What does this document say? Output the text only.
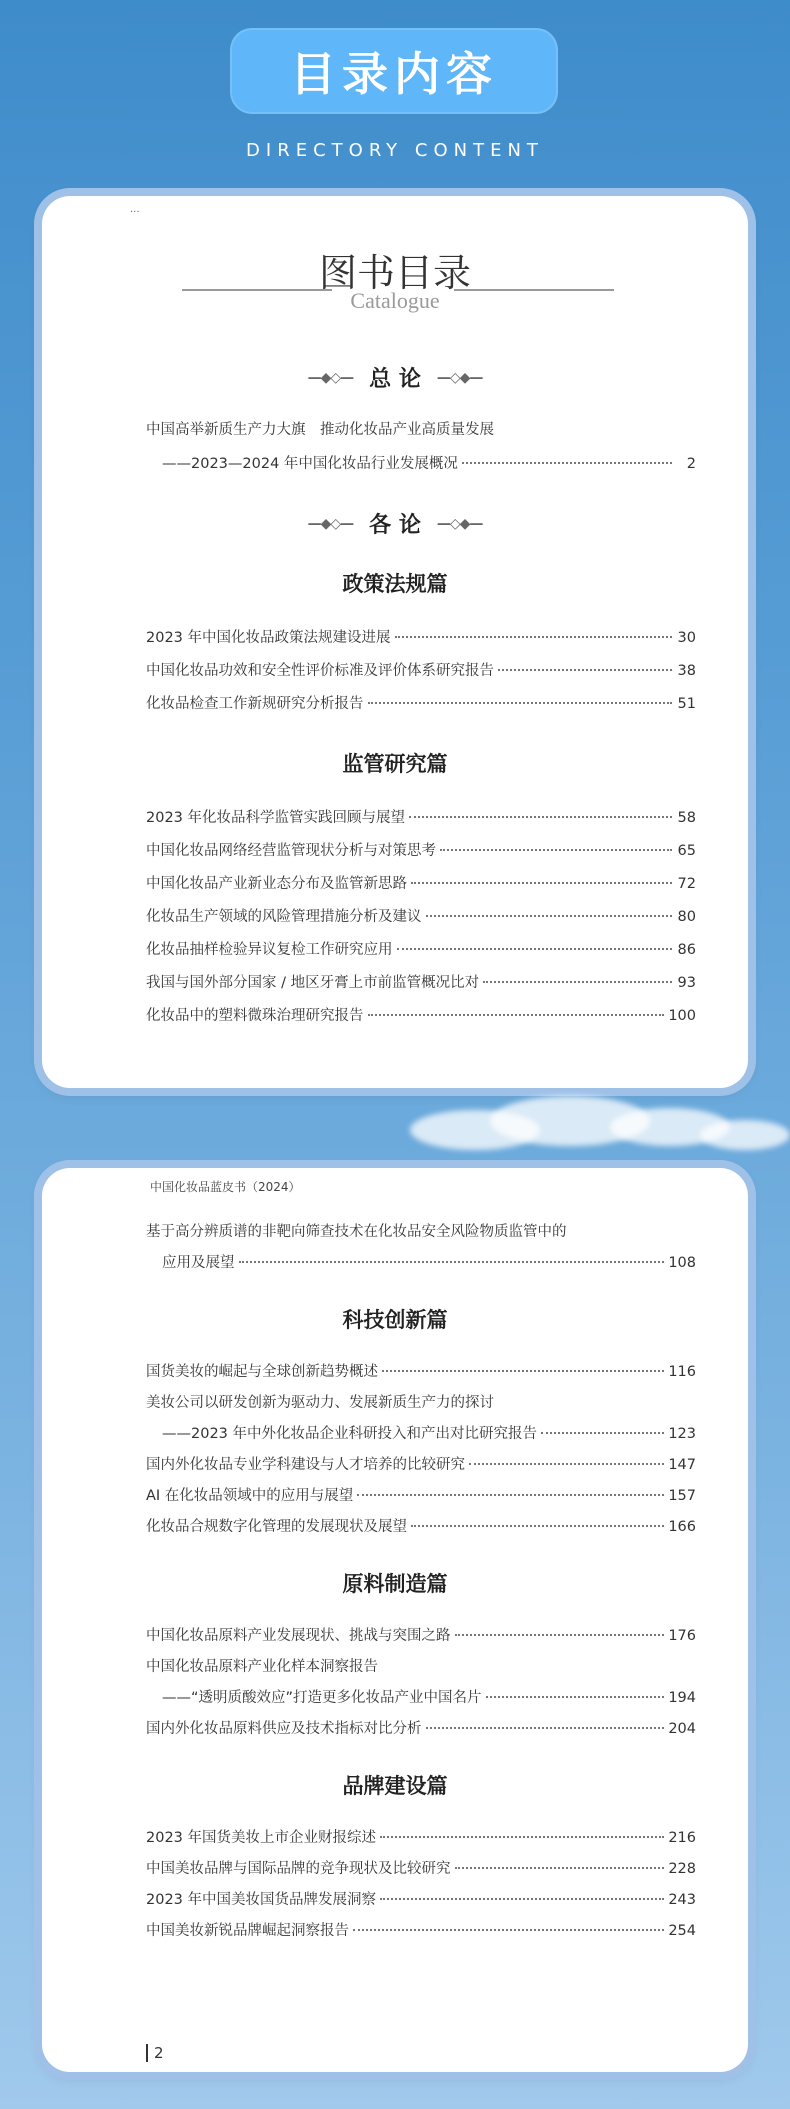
目录内容
DIRECTORY CONTENT
...
图书目录
Catalogue
—◆◇— 总 论 —◇◆—
中国高举新质生产力大旗　推动化妆品产业高质量发展
——2023—2024 年中国化妆品行业发展概况	2
—◆◇— 各 论 —◇◆—
政策法规篇
2023 年中国化妆品政策法规建设进展	30
中国化妆品功效和安全性评价标准及评价体系研究报告	38
化妆品检查工作新规研究分析报告	51
监管研究篇
2023 年化妆品科学监管实践回顾与展望	58
中国化妆品网络经营监管现状分析与对策思考	65
中国化妆品产业新业态分布及监管新思路	72
化妆品生产领域的风险管理措施分析及建议	80
化妆品抽样检验异议复检工作研究应用	86
我国与国外部分国家 / 地区牙膏上市前监管概况比对	93
化妆品中的塑料微珠治理研究报告	100
中国化妆品蓝皮书（2024）
基于高分辨质谱的非靶向筛查技术在化妆品安全风险物质监管中的
应用及展望	108
科技创新篇
国货美妆的崛起与全球创新趋势概述	116
美妆公司以研发创新为驱动力、发展新质生产力的探讨
——2023 年中外化妆品企业科研投入和产出对比研究报告	123
国内外化妆品专业学科建设与人才培养的比较研究	147
AI 在化妆品领域中的应用与展望	157
化妆品合规数字化管理的发展现状及展望	166
原料制造篇
中国化妆品原料产业发展现状、挑战与突围之路	176
中国化妆品原料产业化样本洞察报告
——“透明质酸效应”打造更多化妆品产业中国名片	194
国内外化妆品原料供应及技术指标对比分析	204
品牌建设篇
2023 年国货美妆上市企业财报综述	216
中国美妆品牌与国际品牌的竞争现状及比较研究	228
2023 年中国美妆国货品牌发展洞察	243
中国美妆新锐品牌崛起洞察报告	254
2
